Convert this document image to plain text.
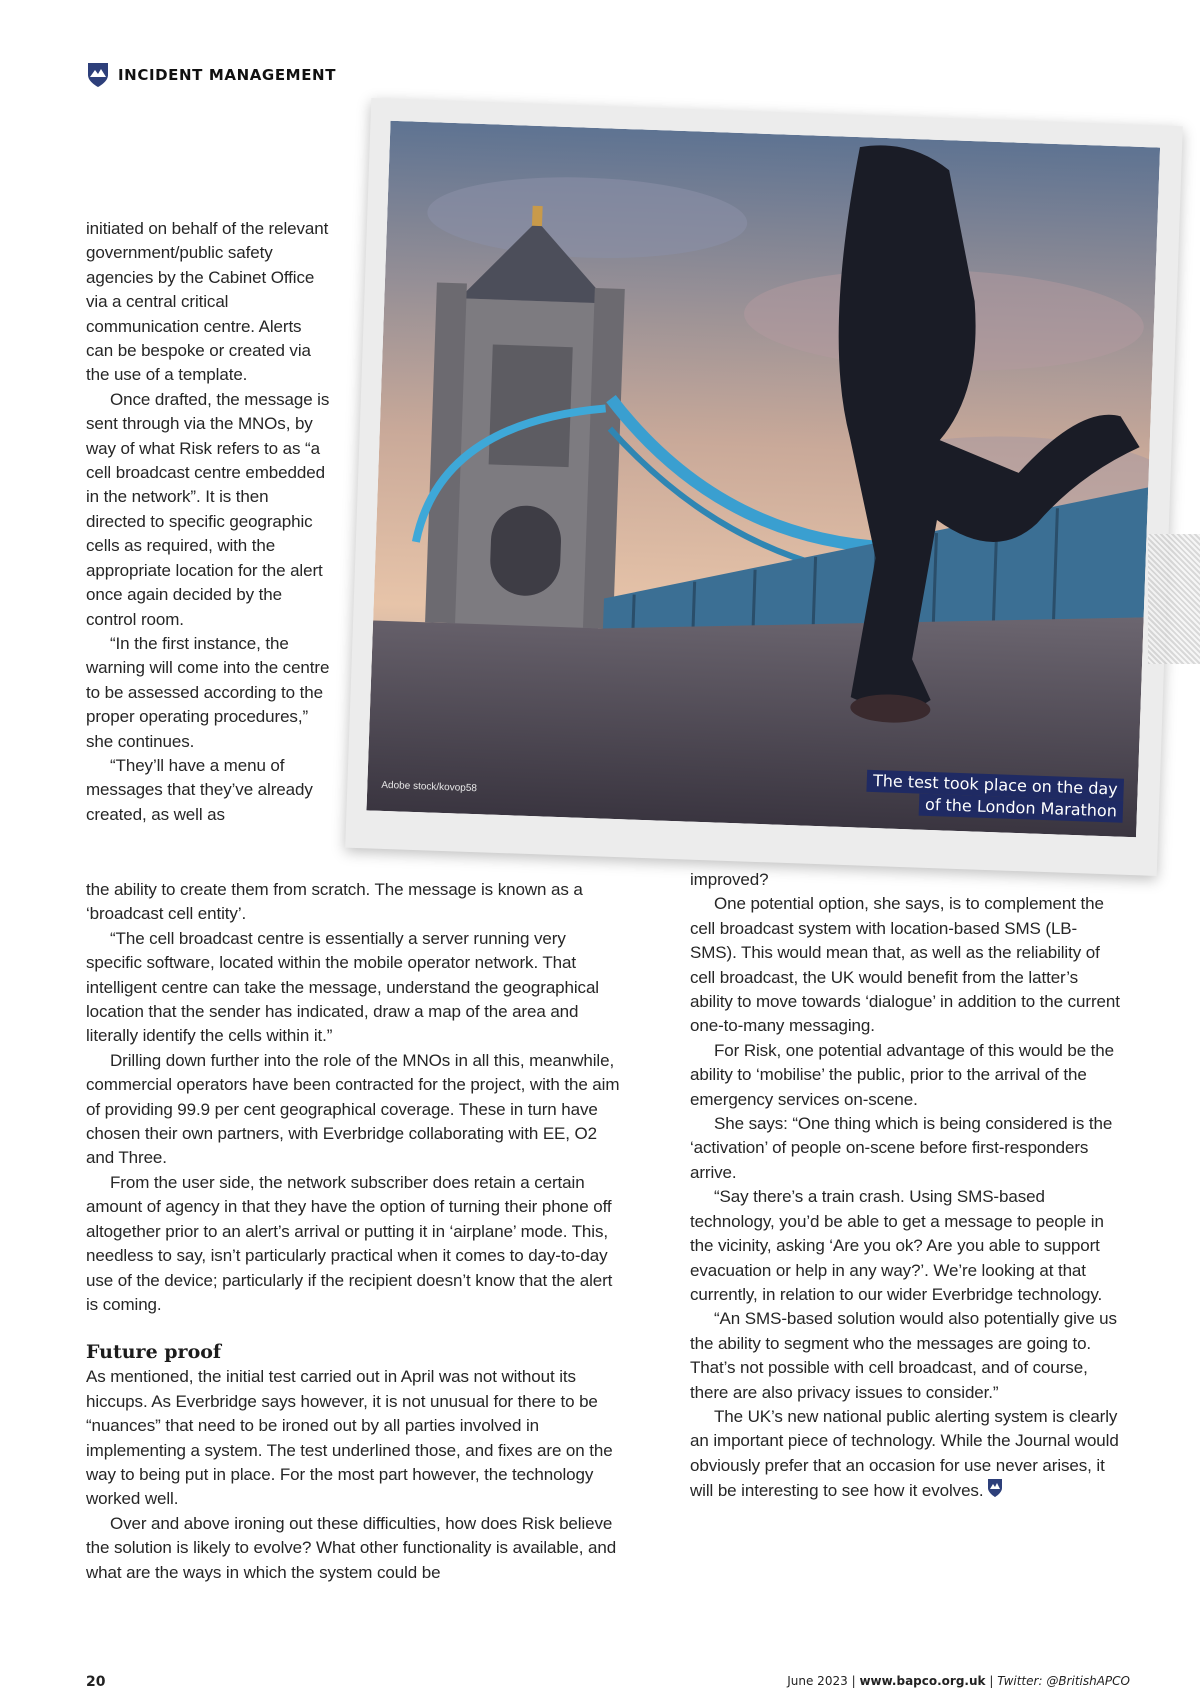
INCIDENT MANAGEMENT
Adobe stock/kovop58	The test took place on the day
of the London Marathon

initiated on behalf of the relevant government/public safety agencies by the Cabinet Office via a central critical communication centre. Alerts can be bespoke or created via the use of a template.

Once drafted, the message is sent through via the MNOs, by way of what Risk refers to as “a cell broadcast centre embedded in the network”. It is then directed to specific geographic cells as required, with the appropriate location for the alert once again decided by the control room.

“In the first instance, the warning will come into the centre to be assessed according to the proper operating procedures,” she continues.

“They’ll have a menu of messages that they’ve already created, as well as

the ability to create them from scratch. The message is known as a ‘broadcast cell entity’.

“The cell broadcast centre is essentially a server running very specific software, located within the mobile operator network. That intelligent centre can take the message, understand the geographical location that the sender has indicated, draw a map of the area and literally identify the cells within it.”

Drilling down further into the role of the MNOs in all this, meanwhile, commercial operators have been contracted for the project, with the aim of providing 99.9 per cent geographical coverage. These in turn have chosen their own partners, with Everbridge collaborating with EE, O2 and Three.

From the user side, the network subscriber does retain a certain amount of agency in that they have the option of turning their phone off altogether prior to an alert’s arrival or putting it in ‘airplane’ mode. This, needless to say, isn’t particularly practical when it comes to day-to-day use of the device; particularly if the recipient doesn’t know that the alert is coming.

Future proof

As mentioned, the initial test carried out in April was not without its hiccups. As Everbridge says however, it is not unusual for there to be “nuances” that need to be ironed out by all parties involved in implementing a system. The test underlined those, and fixes are on the way to being put in place. For the most part however, the technology worked well.

Over and above ironing out these difficulties, how does Risk believe the solution is likely to evolve? What other functionality is available, and what are the ways in which the system could be

improved?

One potential option, she says, is to complement the cell broadcast system with location-based SMS (LB-SMS). This would mean that, as well as the reliability of cell broadcast, the UK would benefit from the latter’s ability to move towards ‘dialogue’ in addition to the current one-to-many messaging.

For Risk, one potential advantage of this would be the ability to ‘mobilise’ the public, prior to the arrival of the emergency services on-scene.

She says: “One thing which is being considered is the ‘activation’ of people on-scene before first-responders arrive.

“Say there’s a train crash. Using SMS-based technology, you’d be able to get a message to people in the vicinity, asking ‘Are you ok? Are you able to support evacuation or help in any way?’. We’re looking at that currently, in relation to our wider Everbridge technology.

“An SMS-based solution would also potentially give us the ability to segment who the messages are going to. That’s not possible with cell broadcast, and of course, there are also privacy issues to consider.”

The UK’s new national public alerting system is clearly an important piece of technology. While the Journal would obviously prefer that an occasion for use never arises, it will be interesting to see how it evolves.

20	June 2023 | www.bapco.org.uk | Twitter: @BritishAPCO
